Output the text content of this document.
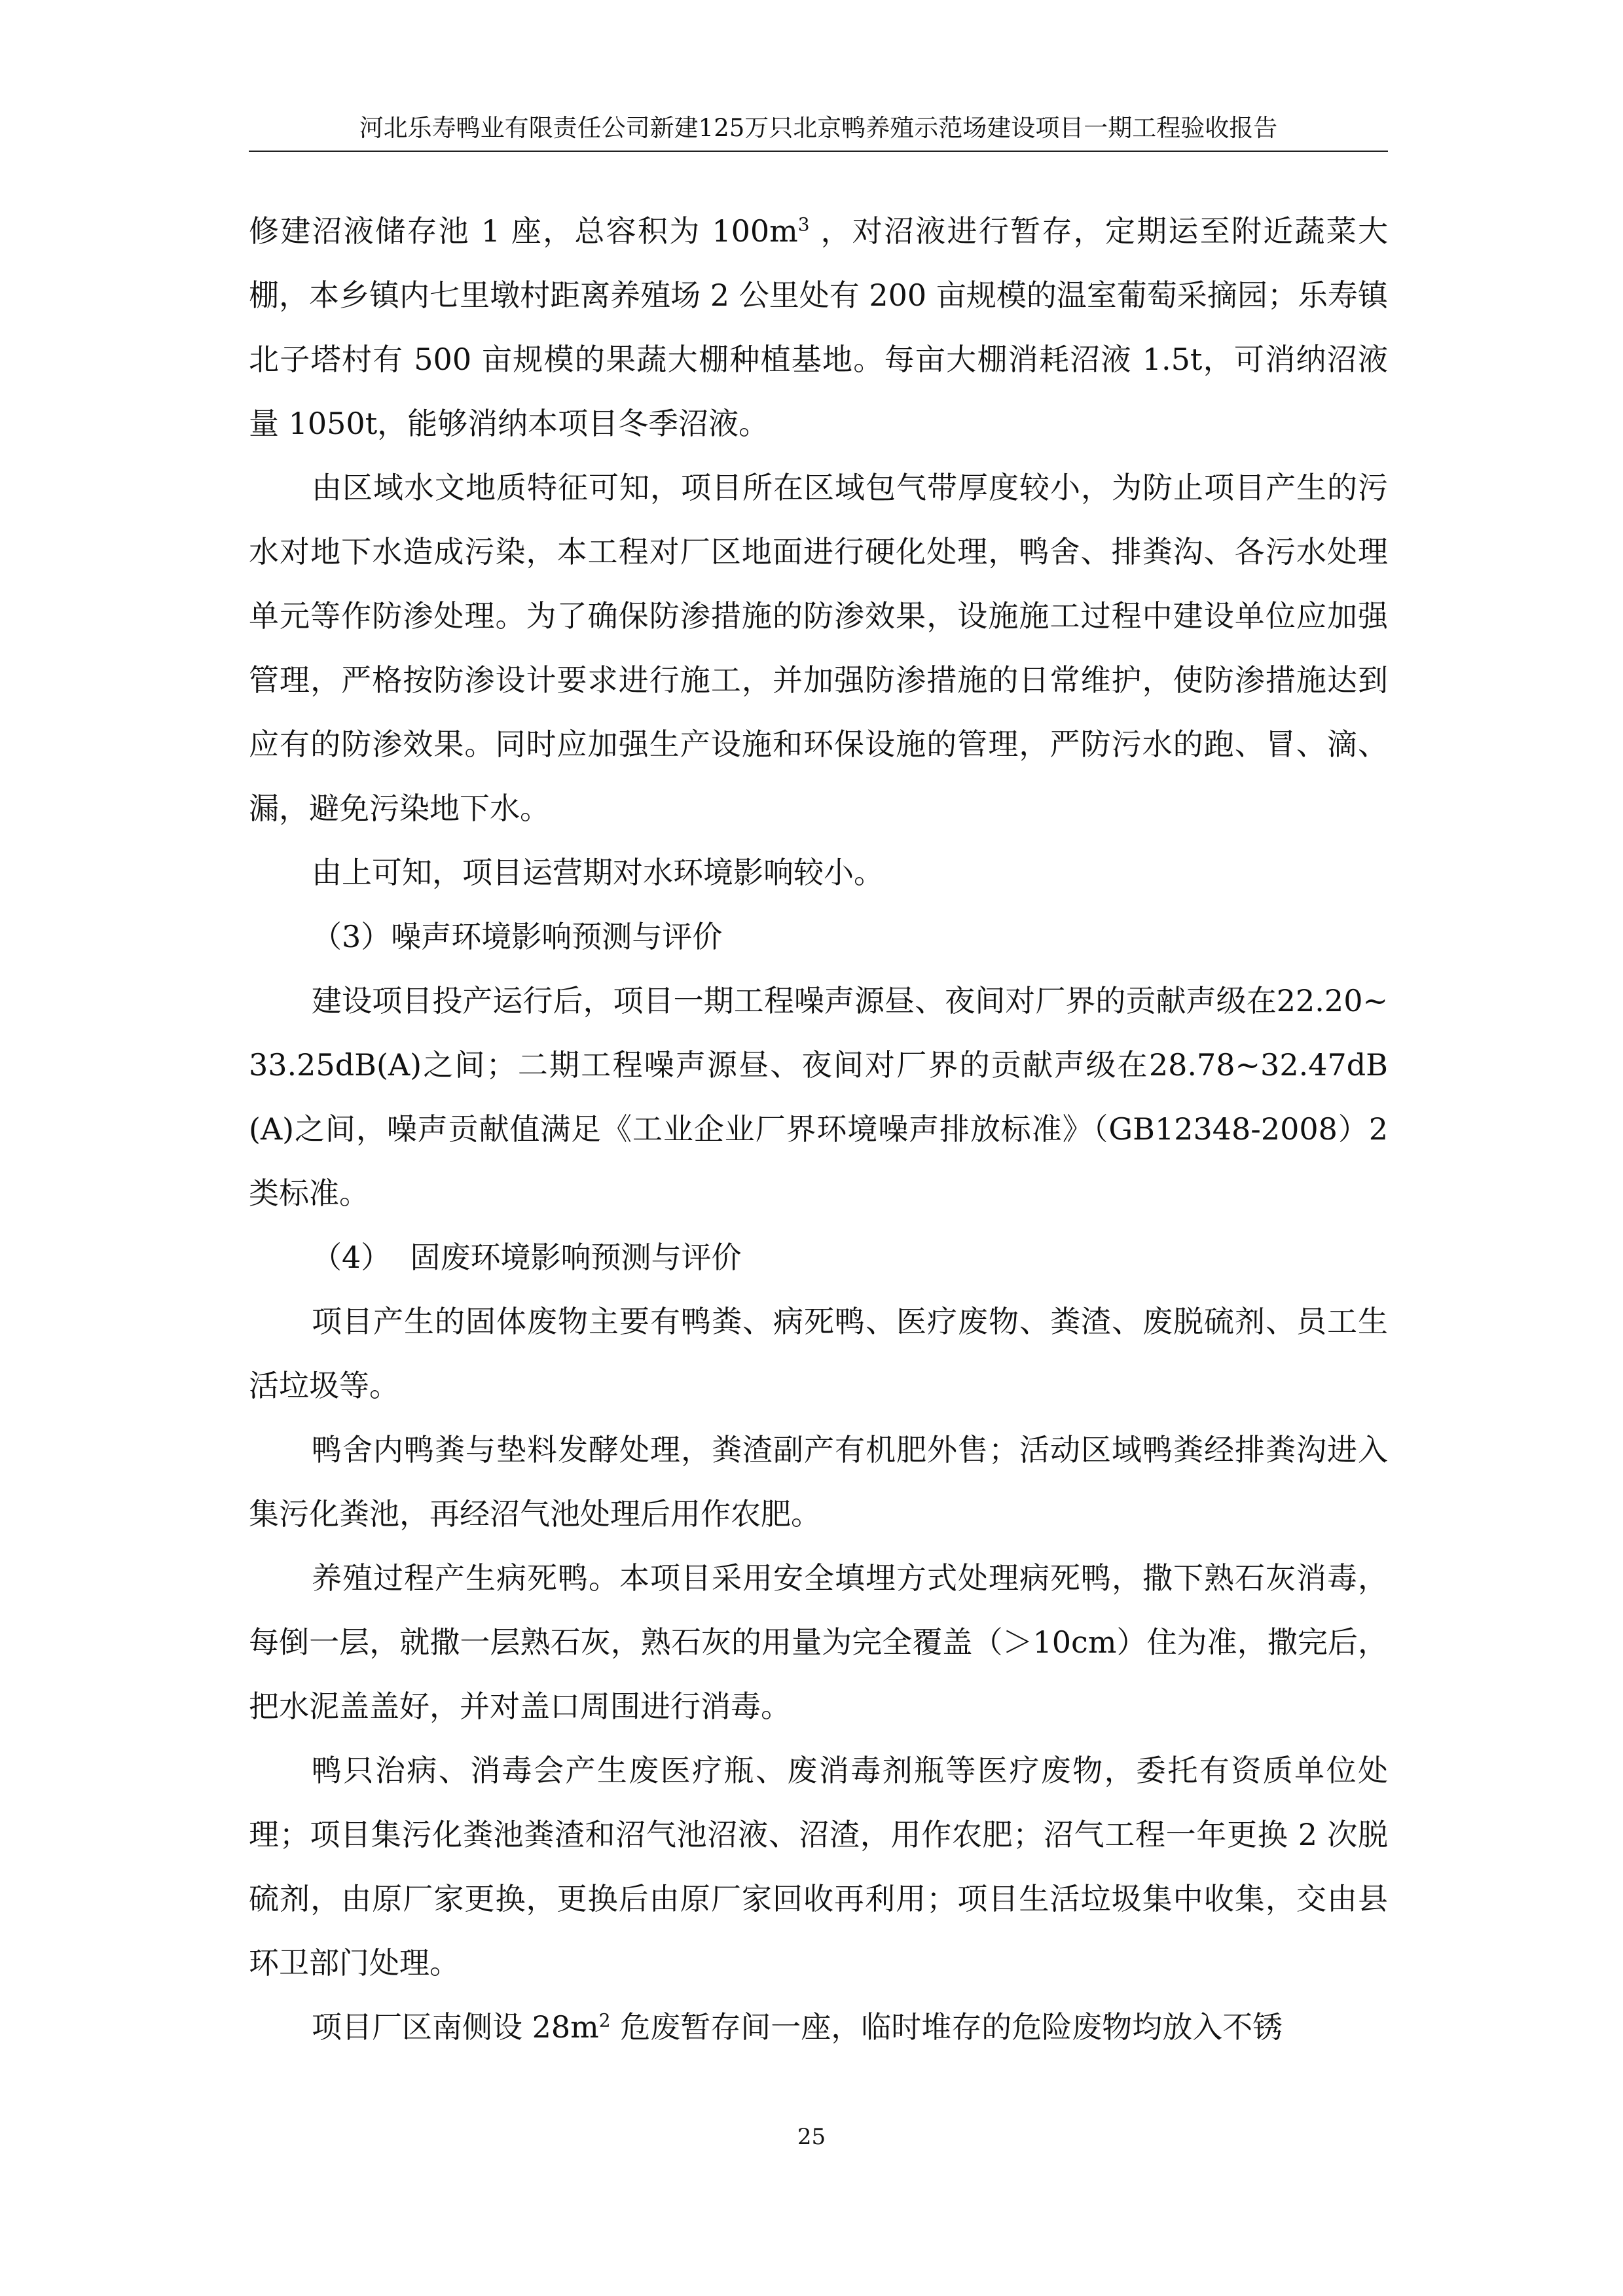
河北乐寿鸭业有限责任公司新建125万只北京鸭养殖示范场建设项目一期工程验收报告

修建沼液储存池 1 座，总容积为 $100m^3$ ，对沼液进行暂存，定期运至附近蔬菜大棚，本乡镇内七里墩村距离养殖场 2 公里处有 200 亩规模的温室葡萄采摘园；乐寿镇北子塔村有 500 亩规模的果蔬大棚种植基地。每亩大棚消耗沼液 1.5t，可消纳沼液量 1050t，能够消纳本项目冬季沼液。

由区域水文地质特征可知，项目所在区域包气带厚度较小，为防止项目产生的污水对地下水造成污染，本工程对厂区地面进行硬化处理，鸭舍、排粪沟、各污水处理单元等作防渗处理。为了确保防渗措施的防渗效果，设施施工过程中建设单位应加强管理，严格按防渗设计要求进行施工，并加强防渗措施的日常维护，使防渗措施达到应有的防渗效果。同时应加强生产设施和环保设施的管理，严防污水的跑、冒、滴、漏，避免污染地下水。

由上可知，项目运营期对水环境影响较小。

（3）噪声环境影响预测与评价

建设项目投产运行后，项目一期工程噪声源昼、夜间对厂界的贡献声级在22.20~33.25dB(A)之间；二期工程噪声源昼、夜间对厂界的贡献声级在28.78~32.47dB(A)之间，噪声贡献值满足《工业企业厂界环境噪声排放标准》（GB12348-2008）2 类标准。

（4）  固废环境影响预测与评价

项目产生的固体废物主要有鸭粪、病死鸭、医疗废物、粪渣、废脱硫剂、员工生活垃圾等。

鸭舍内鸭粪与垫料发酵处理，粪渣副产有机肥外售；活动区域鸭粪经排粪沟进入集污化粪池，再经沼气池处理后用作农肥。

养殖过程产生病死鸭。本项目采用安全填埋方式处理病死鸭，撒下熟石灰消毒，每倒一层，就撒一层熟石灰，熟石灰的用量为完全覆盖（＞10cm）住为准，撒完后，把水泥盖盖好，并对盖口周围进行消毒。

鸭只治病、消毒会产生废医疗瓶、废消毒剂瓶等医疗废物，委托有资质单位处理；项目集污化粪池粪渣和沼气池沼液、沼渣，用作农肥；沼气工程一年更换 2 次脱硫剂，由原厂家更换，更换后由原厂家回收再利用；项目生活垃圾集中收集，交由县环卫部门处理。

项目厂区南侧设 $28m^2$ 危废暂存间一座，临时堆存的危险废物均放入不锈

25
